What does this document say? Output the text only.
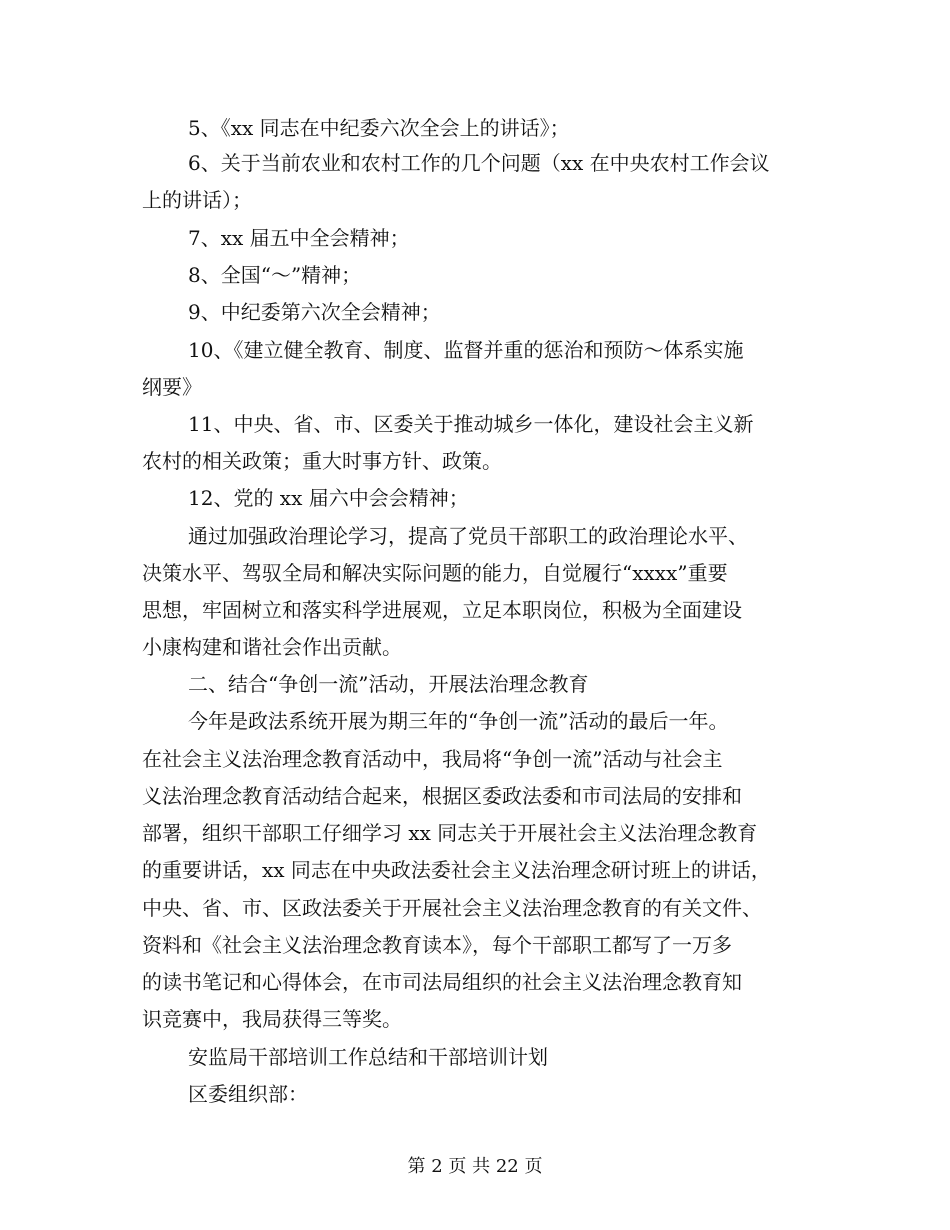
5、《xx 同志在中纪委六次全会上的讲话》；
6、关于当前农业和农村工作的几个问题（xx 在中央农村工作会议
上的讲话）；
7、xx 届五中全会精神；
8、全国“～”精神；
9、中纪委第六次全会精神；
10、《建立健全教育、制度、监督并重的惩治和预防～体系实施
纲要》
11、中央、省、市、区委关于推动城乡一体化，建设社会主义新
农村的相关政策；重大时事方针、政策。
12、党的 xx 届六中会会精神；
通过加强政治理论学习，提高了党员干部职工的政治理论水平、
决策水平、驾驭全局和解决实际问题的能力，自觉履行“xxxx”重要
思想，牢固树立和落实科学进展观，立足本职岗位，积极为全面建设
小康构建和谐社会作出贡献。
二、结合“争创一流”活动，开展法治理念教育
今年是政法系统开展为期三年的“争创一流”活动的最后一年。
在社会主义法治理念教育活动中，我局将“争创一流”活动与社会主
义法治理念教育活动结合起来，根据区委政法委和市司法局的安排和
部署，组织干部职工仔细学习 xx 同志关于开展社会主义法治理念教育
的重要讲话，xx 同志在中央政法委社会主义法治理念研讨班上的讲话，
中央、省、市、区政法委关于开展社会主义法治理念教育的有关文件、
资料和《社会主义法治理念教育读本》，每个干部职工都写了一万多
的读书笔记和心得体会，在市司法局组织的社会主义法治理念教育知
识竞赛中，我局获得三等奖。
安监局干部培训工作总结和干部培训计划
区委组织部：
第 2 页 共 22 页
